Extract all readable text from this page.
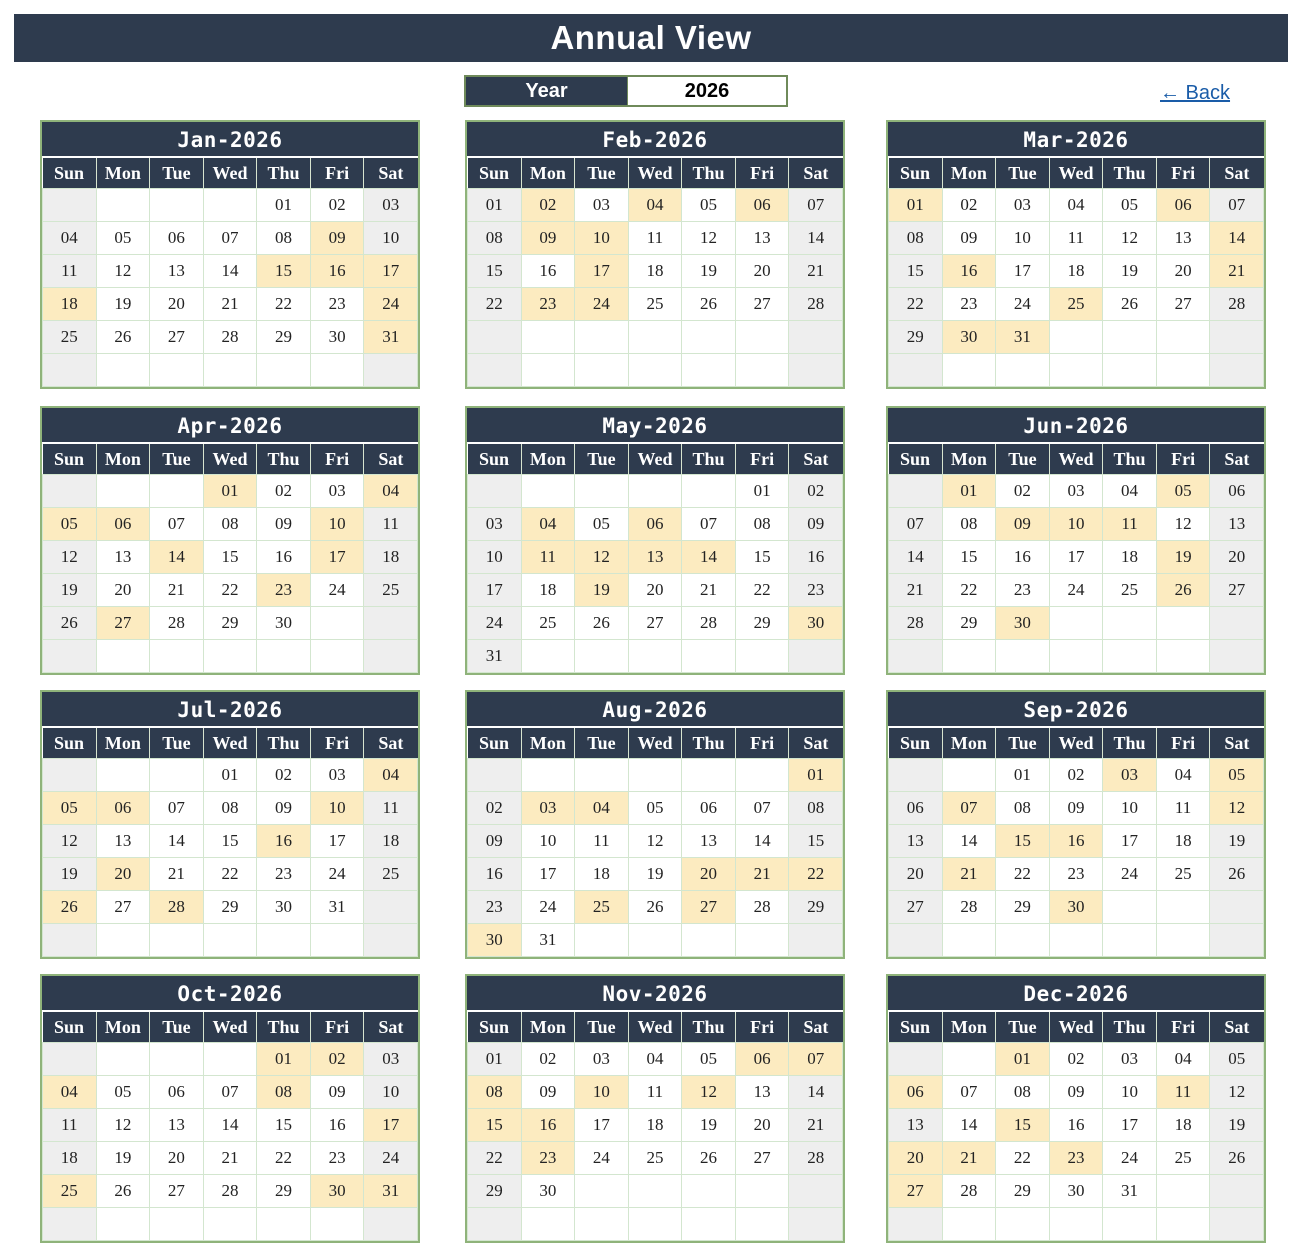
Annual View
Year	2026	← Back
Jan-2026
Sun	Mon	Tue	Wed	Thu	Fri	Sat
				01	02	03
04	05	06	07	08	09	10
11	12	13	14	15	16	17
18	19	20	21	22	23	24
25	26	27	28	29	30	31

Feb-2026
Sun	Mon	Tue	Wed	Thu	Fri	Sat
01	02	03	04	05	06	07
08	09	10	11	12	13	14
15	16	17	18	19	20	21
22	23	24	25	26	27	28

Mar-2026
Sun	Mon	Tue	Wed	Thu	Fri	Sat
01	02	03	04	05	06	07
08	09	10	11	12	13	14
15	16	17	18	19	20	21
22	23	24	25	26	27	28
29	30	31				

Apr-2026
Sun	Mon	Tue	Wed	Thu	Fri	Sat
			01	02	03	04
05	06	07	08	09	10	11
12	13	14	15	16	17	18
19	20	21	22	23	24	25
26	27	28	29	30		

May-2026
Sun	Mon	Tue	Wed	Thu	Fri	Sat
					01	02
03	04	05	06	07	08	09
10	11	12	13	14	15	16
17	18	19	20	21	22	23
24	25	26	27	28	29	30
31						
Jun-2026
Sun	Mon	Tue	Wed	Thu	Fri	Sat
	01	02	03	04	05	06
07	08	09	10	11	12	13
14	15	16	17	18	19	20
21	22	23	24	25	26	27
28	29	30				

Jul-2026
Sun	Mon	Tue	Wed	Thu	Fri	Sat
			01	02	03	04
05	06	07	08	09	10	11
12	13	14	15	16	17	18
19	20	21	22	23	24	25
26	27	28	29	30	31	

Aug-2026
Sun	Mon	Tue	Wed	Thu	Fri	Sat
						01
02	03	04	05	06	07	08
09	10	11	12	13	14	15
16	17	18	19	20	21	22
23	24	25	26	27	28	29
30	31					
Sep-2026
Sun	Mon	Tue	Wed	Thu	Fri	Sat
		01	02	03	04	05
06	07	08	09	10	11	12
13	14	15	16	17	18	19
20	21	22	23	24	25	26
27	28	29	30			

Oct-2026
Sun	Mon	Tue	Wed	Thu	Fri	Sat
				01	02	03
04	05	06	07	08	09	10
11	12	13	14	15	16	17
18	19	20	21	22	23	24
25	26	27	28	29	30	31

Nov-2026
Sun	Mon	Tue	Wed	Thu	Fri	Sat
01	02	03	04	05	06	07
08	09	10	11	12	13	14
15	16	17	18	19	20	21
22	23	24	25	26	27	28
29	30					

Dec-2026
Sun	Mon	Tue	Wed	Thu	Fri	Sat
		01	02	03	04	05
06	07	08	09	10	11	12
13	14	15	16	17	18	19
20	21	22	23	24	25	26
27	28	29	30	31		
